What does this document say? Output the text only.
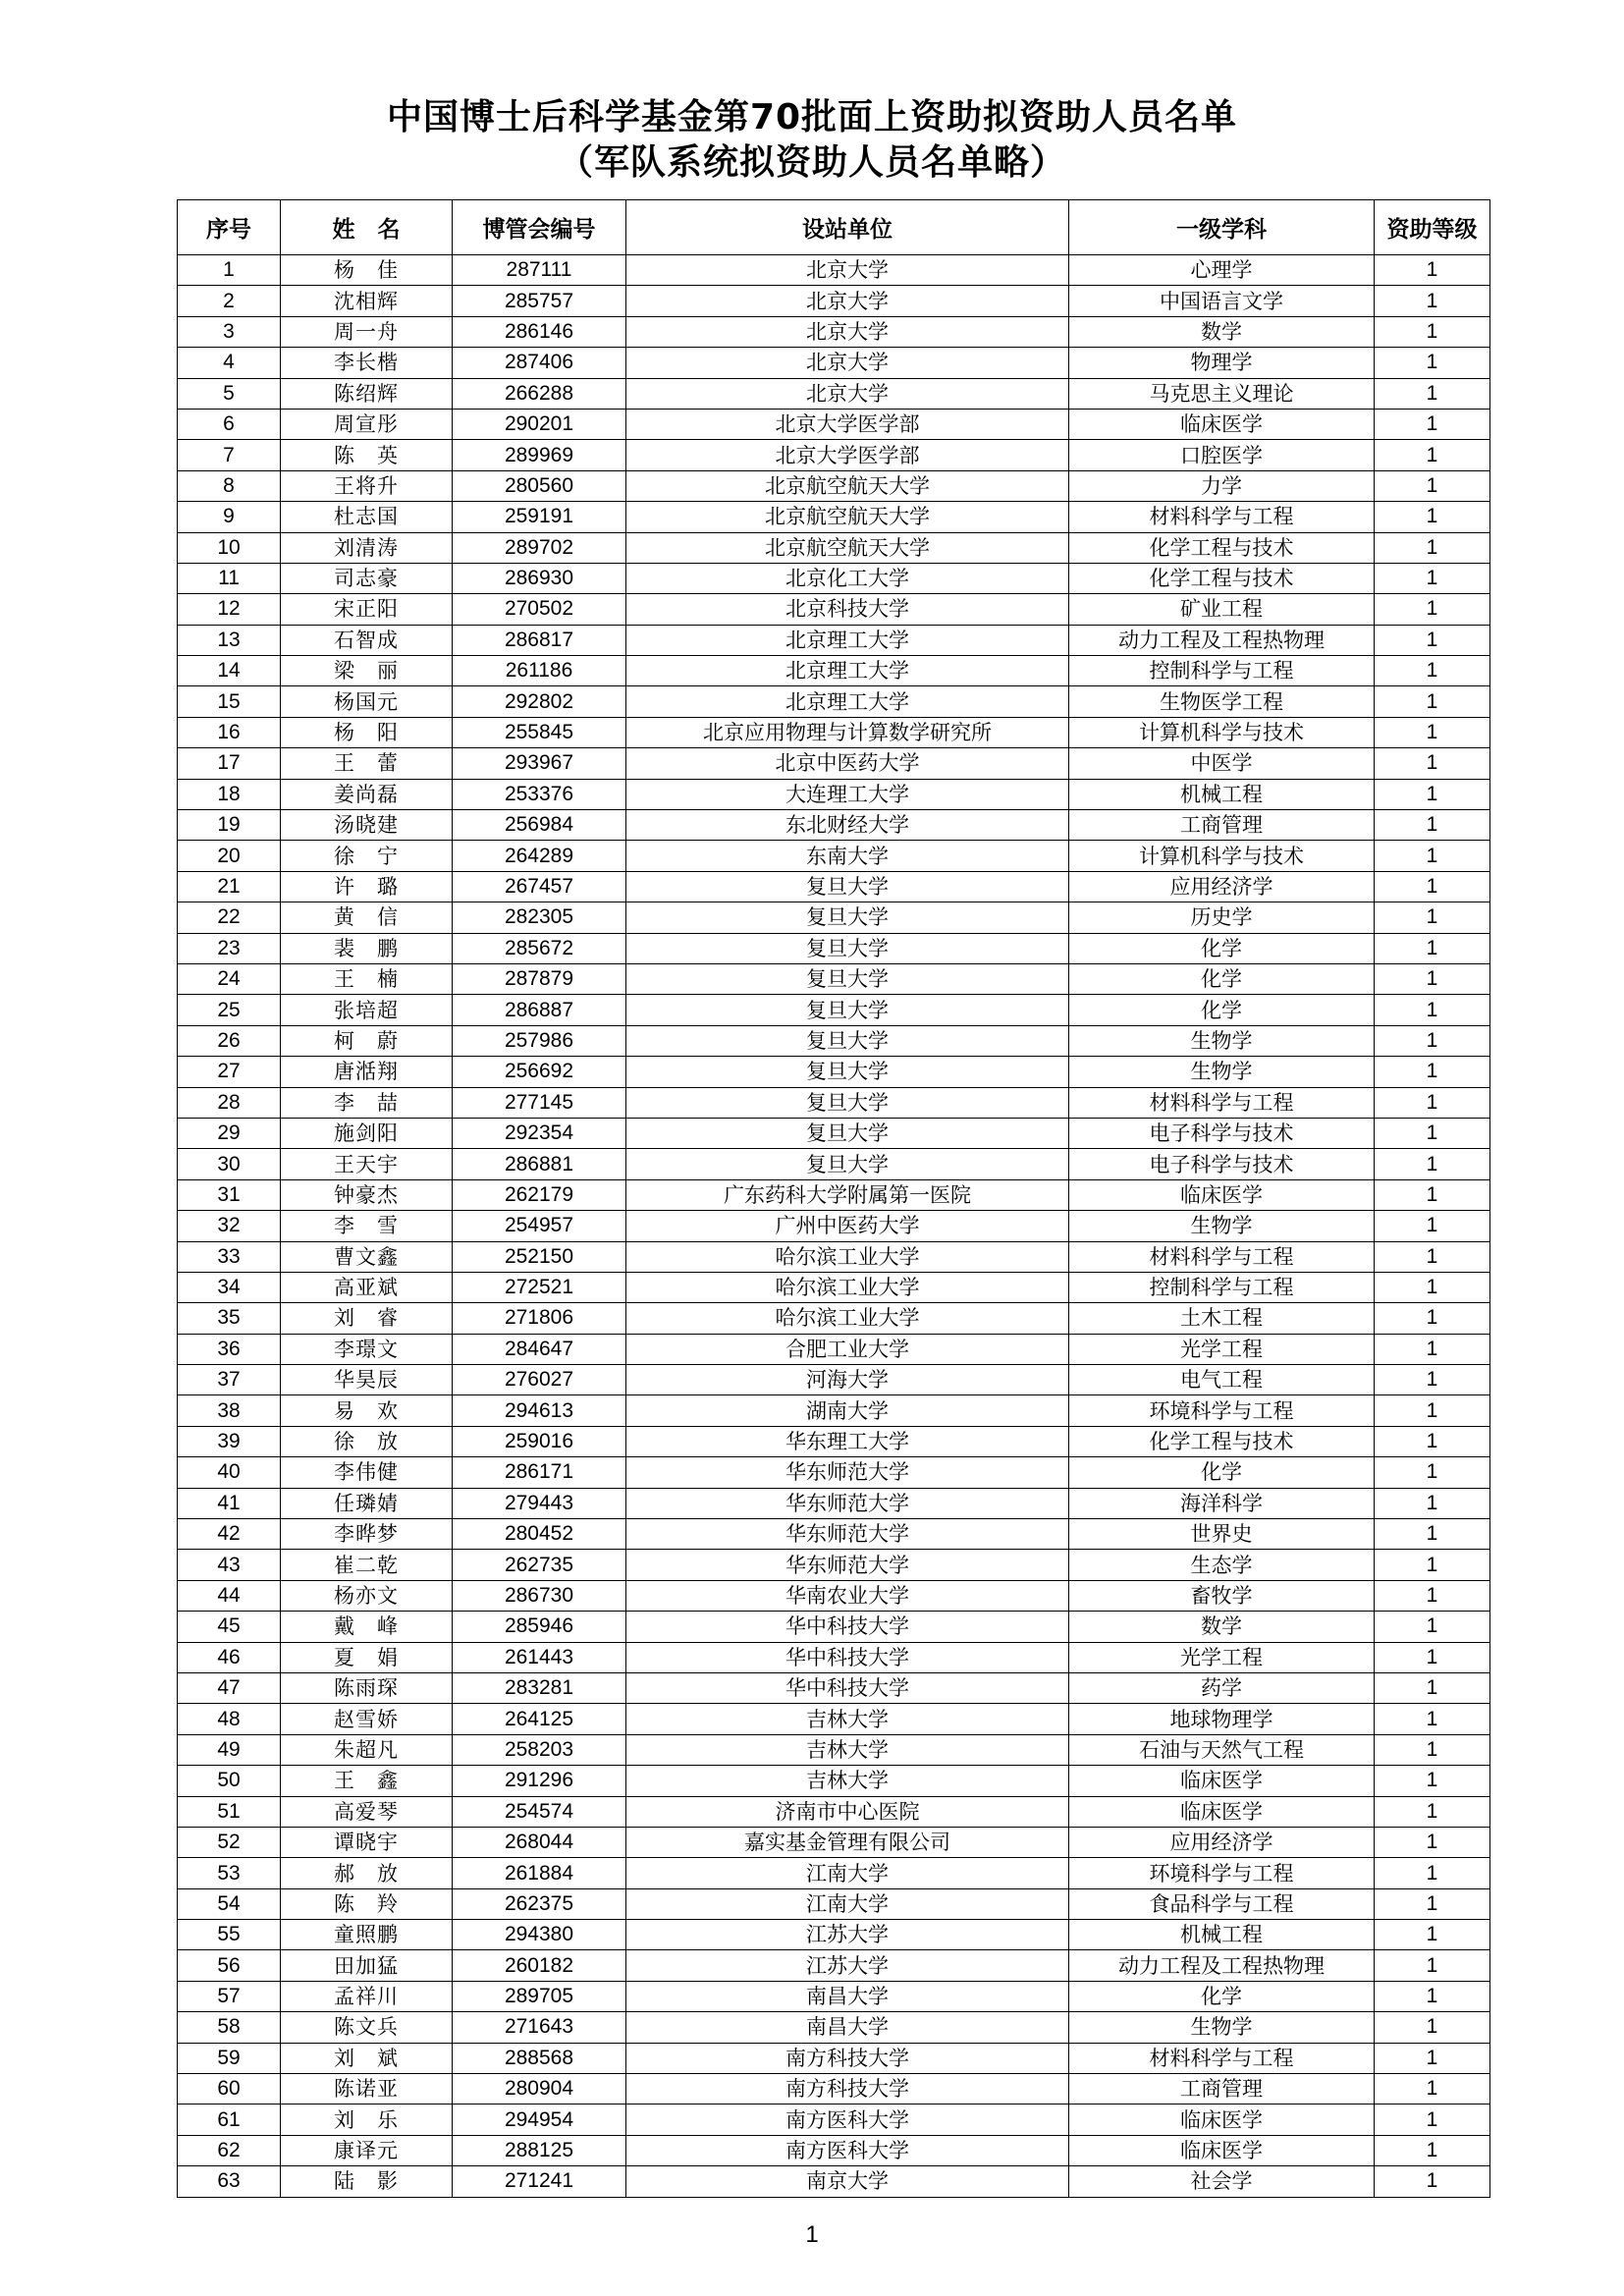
中国博士后科学基金第70批面上资助拟资助人员名单
（军队系统拟资助人员名单略）
序号	姓　名	博管会编号	设站单位	一级学科	资助等级
1	杨　佳	287111	北京大学	心理学	1
2	沈相辉	285757	北京大学	中国语言文学	1
3	周一舟	286146	北京大学	数学	1
4	李长楷	287406	北京大学	物理学	1
5	陈绍辉	266288	北京大学	马克思主义理论	1
6	周宣彤	290201	北京大学医学部	临床医学	1
7	陈　英	289969	北京大学医学部	口腔医学	1
8	王将升	280560	北京航空航天大学	力学	1
9	杜志国	259191	北京航空航天大学	材料科学与工程	1
10	刘清涛	289702	北京航空航天大学	化学工程与技术	1
11	司志豪	286930	北京化工大学	化学工程与技术	1
12	宋正阳	270502	北京科技大学	矿业工程	1
13	石智成	286817	北京理工大学	动力工程及工程热物理	1
14	梁　丽	261186	北京理工大学	控制科学与工程	1
15	杨国元	292802	北京理工大学	生物医学工程	1
16	杨　阳	255845	北京应用物理与计算数学研究所	计算机科学与技术	1
17	王　蕾	293967	北京中医药大学	中医学	1
18	姜尚磊	253376	大连理工大学	机械工程	1
19	汤晓建	256984	东北财经大学	工商管理	1
20	徐　宁	264289	东南大学	计算机科学与技术	1
21	许　璐	267457	复旦大学	应用经济学	1
22	黄　信	282305	复旦大学	历史学	1
23	裴　鹏	285672	复旦大学	化学	1
24	王　楠	287879	复旦大学	化学	1
25	张培超	286887	复旦大学	化学	1
26	柯　蔚	257986	复旦大学	生物学	1
27	唐湉翔	256692	复旦大学	生物学	1
28	李　喆	277145	复旦大学	材料科学与工程	1
29	施剑阳	292354	复旦大学	电子科学与技术	1
30	王天宇	286881	复旦大学	电子科学与技术	1
31	钟豪杰	262179	广东药科大学附属第一医院	临床医学	1
32	李　雪	254957	广州中医药大学	生物学	1
33	曹文鑫	252150	哈尔滨工业大学	材料科学与工程	1
34	高亚斌	272521	哈尔滨工业大学	控制科学与工程	1
35	刘　睿	271806	哈尔滨工业大学	土木工程	1
36	李璟文	284647	合肥工业大学	光学工程	1
37	华昊辰	276027	河海大学	电气工程	1
38	易　欢	294613	湖南大学	环境科学与工程	1
39	徐　放	259016	华东理工大学	化学工程与技术	1
40	李伟健	286171	华东师范大学	化学	1
41	任璘婧	279443	华东师范大学	海洋科学	1
42	李晔梦	280452	华东师范大学	世界史	1
43	崔二乾	262735	华东师范大学	生态学	1
44	杨亦文	286730	华南农业大学	畜牧学	1
45	戴　峰	285946	华中科技大学	数学	1
46	夏　娟	261443	华中科技大学	光学工程	1
47	陈雨琛	283281	华中科技大学	药学	1
48	赵雪娇	264125	吉林大学	地球物理学	1
49	朱超凡	258203	吉林大学	石油与天然气工程	1
50	王　鑫	291296	吉林大学	临床医学	1
51	高爱琴	254574	济南市中心医院	临床医学	1
52	谭晓宇	268044	嘉实基金管理有限公司	应用经济学	1
53	郝　放	261884	江南大学	环境科学与工程	1
54	陈　羚	262375	江南大学	食品科学与工程	1
55	童照鹏	294380	江苏大学	机械工程	1
56	田加猛	260182	江苏大学	动力工程及工程热物理	1
57	孟祥川	289705	南昌大学	化学	1
58	陈文兵	271643	南昌大学	生物学	1
59	刘　斌	288568	南方科技大学	材料科学与工程	1
60	陈诺亚	280904	南方科技大学	工商管理	1
61	刘　乐	294954	南方医科大学	临床医学	1
62	康译元	288125	南方医科大学	临床医学	1
63	陆　影	271241	南京大学	社会学	1
1
